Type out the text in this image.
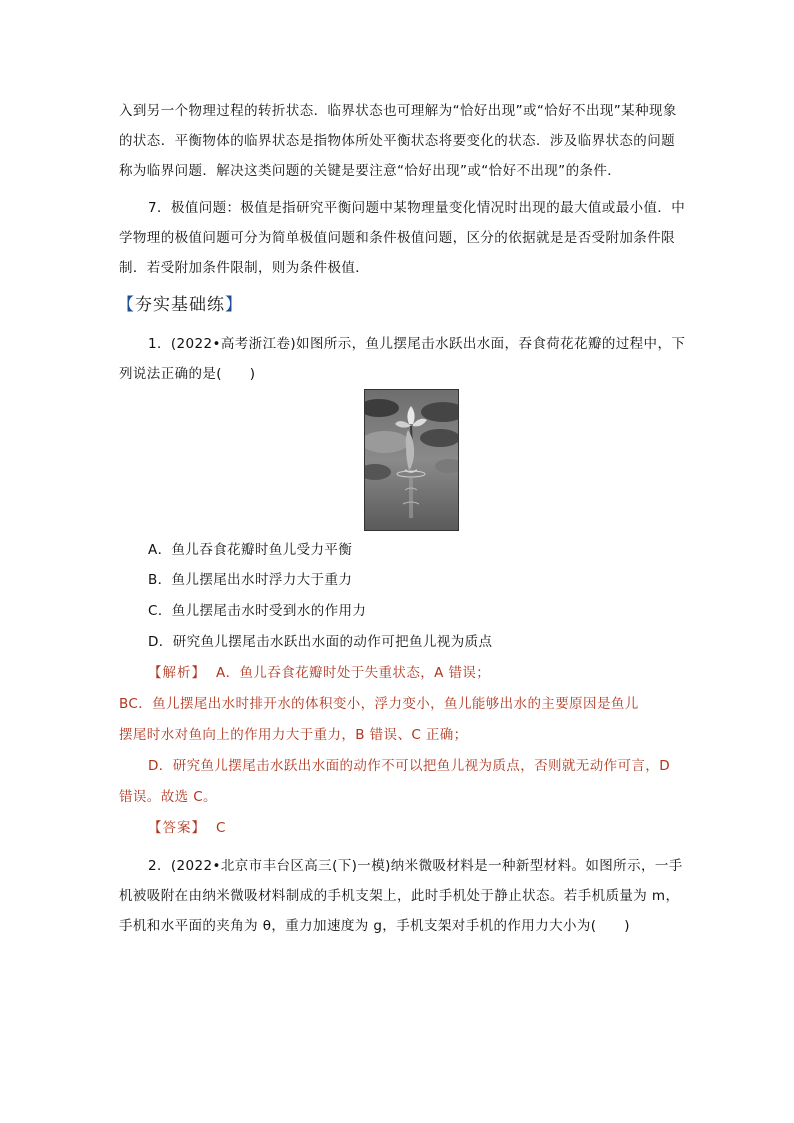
入到另一个物理过程的转折状态．临界状态也可理解为“恰好出现”或“恰好不出现”某种现象
的状态．平衡物体的临界状态是指物体所处平衡状态将要变化的状态．涉及临界状态的问题
称为临界问题．解决这类问题的关键是要注意“恰好出现”或“恰好不出现”的条件．
7．极值问题：极值是指研究平衡问题中某物理量变化情况时出现的最大值或最小值．中
学物理的极值问题可分为简单极值问题和条件极值问题，区分的依据就是是否受附加条件限
制．若受附加条件限制，则为条件极值．
【夯实基础练】
1．(2022•高考浙江卷)如图所示，鱼儿摆尾击水跃出水面，吞食荷花花瓣的过程中，下
列说法正确的是(　　)
A．鱼儿吞食花瓣时鱼儿受力平衡
B．鱼儿摆尾出水时浮力大于重力
C．鱼儿摆尾击水时受到水的作用力
D．研究鱼儿摆尾击水跃出水面的动作可把鱼儿视为质点
【解析】 A．鱼儿吞食花瓣时处于失重状态，A 错误；
BC．鱼儿摆尾出水时排开水的体积变小，浮力变小，鱼儿能够出水的主要原因是鱼儿
摆尾时水对鱼向上的作用力大于重力，B 错误、C 正确；
D．研究鱼儿摆尾击水跃出水面的动作不可以把鱼儿视为质点，否则就无动作可言，D
错误。故选 C。
【答案】 C
2．(2022•北京市丰台区高三(下)一模)纳米微吸材料是一种新型材料。如图所示，一手
机被吸附在由纳米微吸材料制成的手机支架上，此时手机处于静止状态。若手机质量为 m，
手机和水平面的夹角为 θ，重力加速度为 g，手机支架对手机的作用力大小为(　　)
